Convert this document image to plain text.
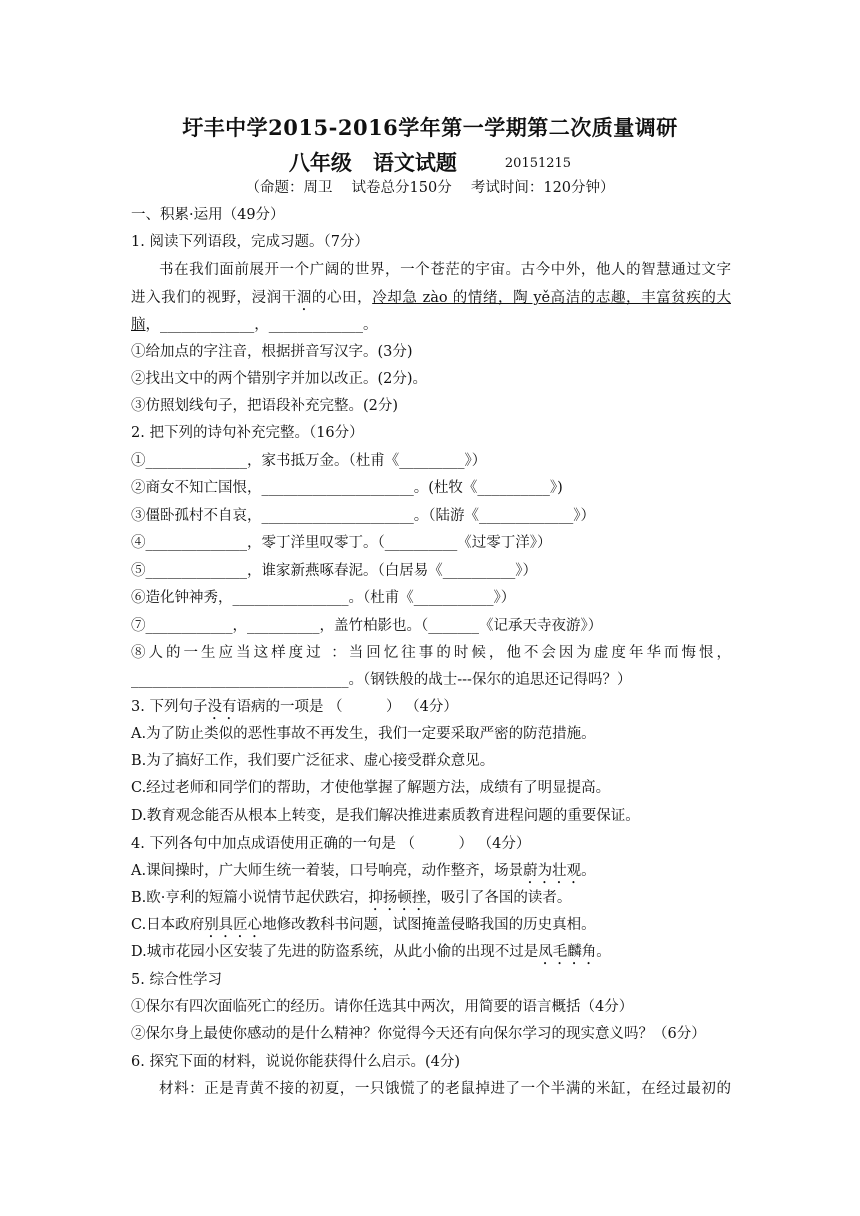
圩丰中学2015-2016学年第一学期第二次质量调研
八年级　语文试题	20151215
（命题：周卫　 试卷总分150分　 考试时间：120分钟）
一、积累·运用（49分）
1. 阅读下列语段，完成习题。（7分）
书在我们面前展开一个广阔的世界，一个苍茫的宇宙。古今中外，他人的智慧通过文字
进入我们的视野，浸润干涸的心田，冷却急 zào 的情绪，陶 yě高洁的志趣，丰富贫疾的大
脑，_____________，_____________。
①给加点的字注音，根据拼音写汉字。(3分)
②找出文中的两个错别字并加以改正。(2分)。
③仿照划线句子，把语段补充完整。(2分)
2. 把下列的诗句补充完整。（16分）
①______________，家书抵万金。（杜甫《_________》）
②商女不知亡国恨，_____________________。(杜牧《__________》)
③僵卧孤村不自哀，_____________________。（陆游《_____________》）
④______________，零丁洋里叹零丁。（__________《过零丁洋》）
⑤______________，谁家新燕啄春泥。（白居易《__________》）
⑥造化钟神秀，________________。（杜甫《___________》）
⑦____________，__________，盖竹柏影也。（_______《记承天寺夜游》）
⑧人的一生应当这样度过 ：当回忆往事的时候，他不会因为虚度年华而悔恨，
______________________________。（钢铁般的战士---保尔的追思还记得吗？）
3. 下列句子没有语病的一项是 （　　　） （4分）
A.为了防止类似的恶性事故不再发生，我们一定要采取严密的防范措施。
B.为了搞好工作，我们要广泛征求、虚心接受群众意见。
C.经过老师和同学们的帮助，才使他掌握了解题方法，成绩有了明显提高。
D.教育观念能否从根本上转变，是我们解决推进素质教育进程问题的重要保证。
4. 下列各句中加点成语使用正确的一句是 （　　　） （4分）
A.课间操时，广大师生统一着装，口号响亮，动作整齐，场景蔚为壮观。
B.欧·亨利的短篇小说情节起伏跌宕，抑扬顿挫，吸引了各国的读者。
C.日本政府别具匠心地修改教科书问题，试图掩盖侵略我国的历史真相。
D.城市花园小区安装了先进的防盗系统，从此小偷的出现不过是凤毛麟角。
5. 综合性学习
①保尔有四次面临死亡的经历。请你任选其中两次，用简要的语言概括（4分）
②保尔身上最使你感动的是什么精神？你觉得今天还有向保尔学习的现实意义吗？（6分）
6. 探究下面的材料，说说你能获得什么启示。(4分)
材料：正是青黄不接的初夏，一只饿慌了的老鼠掉进了一个半满的米缸，在经过最初的
